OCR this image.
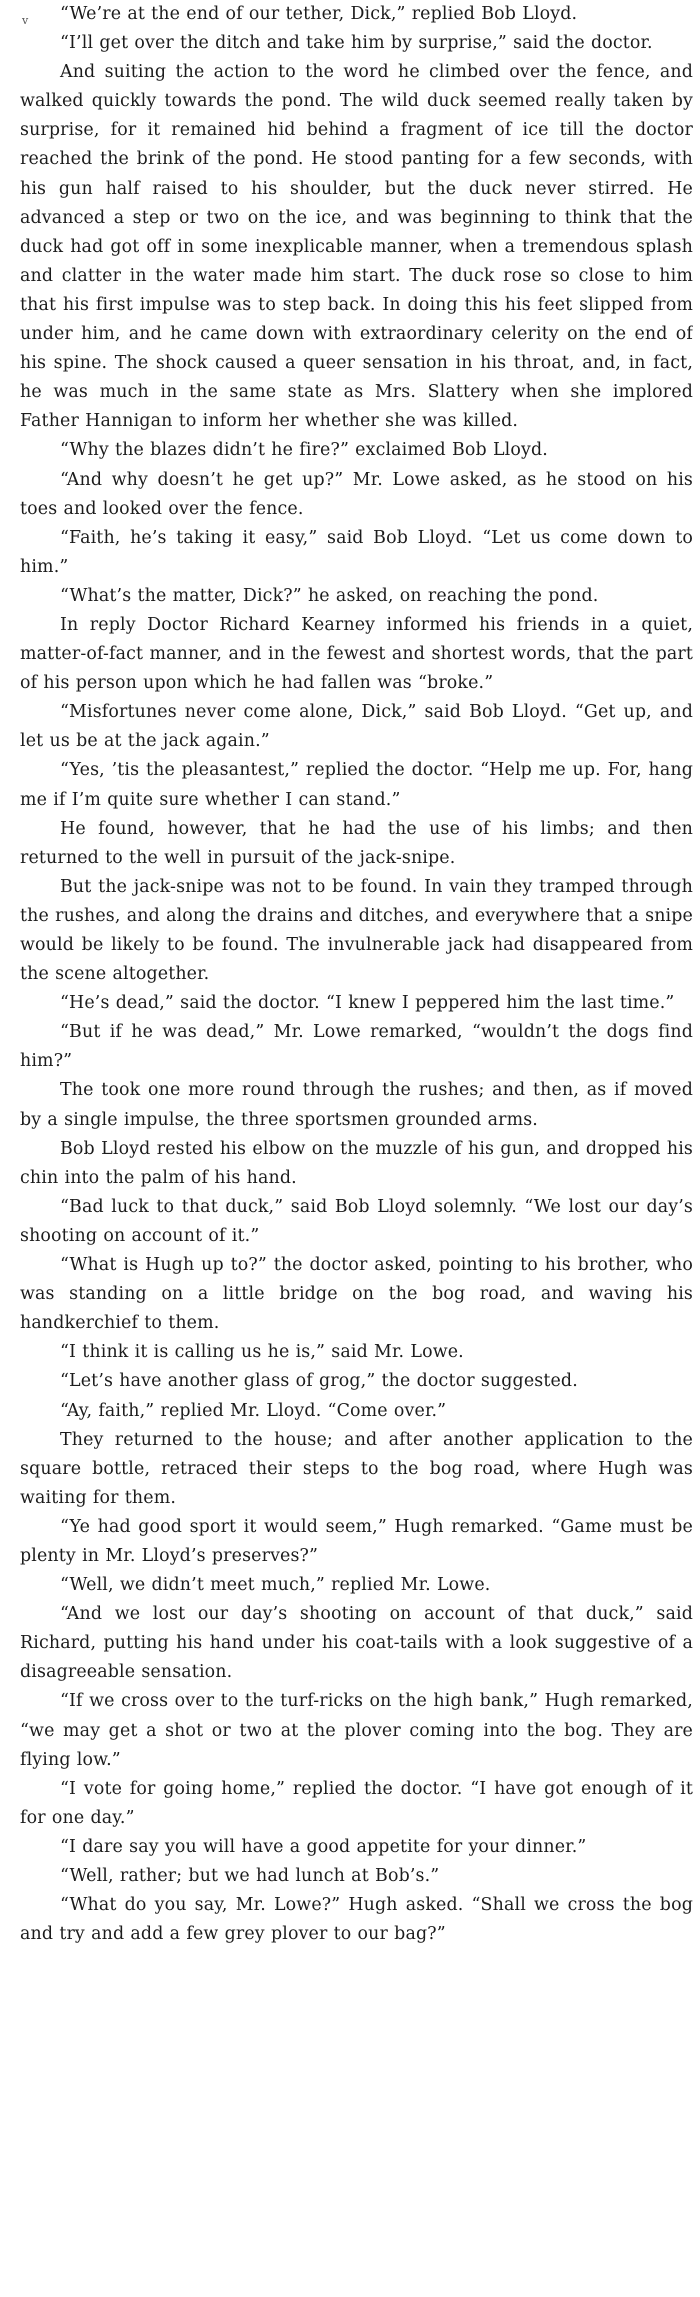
v	“We’re at the end of our tether, Dick,” replied Bob Lloyd.

“I’ll get over the ditch and take him by surprise,” said the doctor.

And suiting the action to the word he climbed over the fence, and walked quickly towards the pond. The wild duck seemed really taken by surprise, for it remained hid behind a fragment of ice till the doctor reached the brink of the pond. He stood panting for a few seconds, with his gun half raised to his shoulder, but the duck never stirred. He advanced a step or two on the ice, and was beginning to think that the duck had got off in some inexplicable manner, when a tremendous splash and clatter in the water made him start. The duck rose so close to him that his first impulse was to step back. In doing this his feet slipped from under him, and he came down with extraordinary celerity on the end of his spine. The shock caused a queer sensation in his throat, and, in fact, he was much in the same state as Mrs. Slattery when she implored Father Hannigan to inform her whether she was killed.

“Why the blazes didn’t he fire?” exclaimed Bob Lloyd.

“And why doesn’t he get up?” Mr. Lowe asked, as he stood on his toes and looked over the fence.

“Faith, he’s taking it easy,” said Bob Lloyd. “Let us come down to him.”

“What’s the matter, Dick?” he asked, on reaching the pond.

In reply Doctor Richard Kearney informed his friends in a quiet, matter-of-fact manner, and in the fewest and shortest words, that the part of his person upon which he had fallen was “broke.”

“Misfortunes never come alone, Dick,” said Bob Lloyd. “Get up, and let us be at the jack again.”

“Yes, ’tis the pleasantest,” replied the doctor. “Help me up. For, hang me if I’m quite sure whether I can stand.”

He found, however, that he had the use of his limbs; and then returned to the well in pursuit of the jack-snipe.

But the jack-snipe was not to be found. In vain they tramped through the rushes, and along the drains and ditches, and everywhere that a snipe would be likely to be found. The invulnerable jack had disappeared from the scene altogether.

“He’s dead,” said the doctor. “I knew I peppered him the last time.”

“But if he was dead,” Mr. Lowe remarked, “wouldn’t the dogs find him?”

The took one more round through the rushes; and then, as if moved by a single impulse, the three sportsmen grounded arms.

Bob Lloyd rested his elbow on the muzzle of his gun, and dropped his chin into the palm of his hand.

“Bad luck to that duck,” said Bob Lloyd solemnly. “We lost our day’s shooting on account of it.”

“What is Hugh up to?” the doctor asked, pointing to his brother, who was standing on a little bridge on the bog road, and waving his handkerchief to them.

“I think it is calling us he is,” said Mr. Lowe.

“Let’s have another glass of grog,” the doctor suggested.

“Ay, faith,” replied Mr. Lloyd. “Come over.”

They returned to the house; and after another application to the square bottle, retraced their steps to the bog road, where Hugh was waiting for them.

“Ye had good sport it would seem,” Hugh remarked. “Game must be plenty in Mr. Lloyd’s preserves?”

“Well, we didn’t meet much,” replied Mr. Lowe.

“And we lost our day’s shooting on account of that duck,” said Richard, putting his hand under his coat-tails with a look suggestive of a disagreeable sensation.

“If we cross over to the turf-ricks on the high bank,” Hugh remarked, “we may get a shot or two at the plover coming into the bog. They are flying low.”

“I vote for going home,” replied the doctor. “I have got enough of it for one day.”

“I dare say you will have a good appetite for your dinner.”

“Well, rather; but we had lunch at Bob’s.”

“What do you say, Mr. Lowe?” Hugh asked. “Shall we cross the bog and try and add a few grey plover to our bag?”
